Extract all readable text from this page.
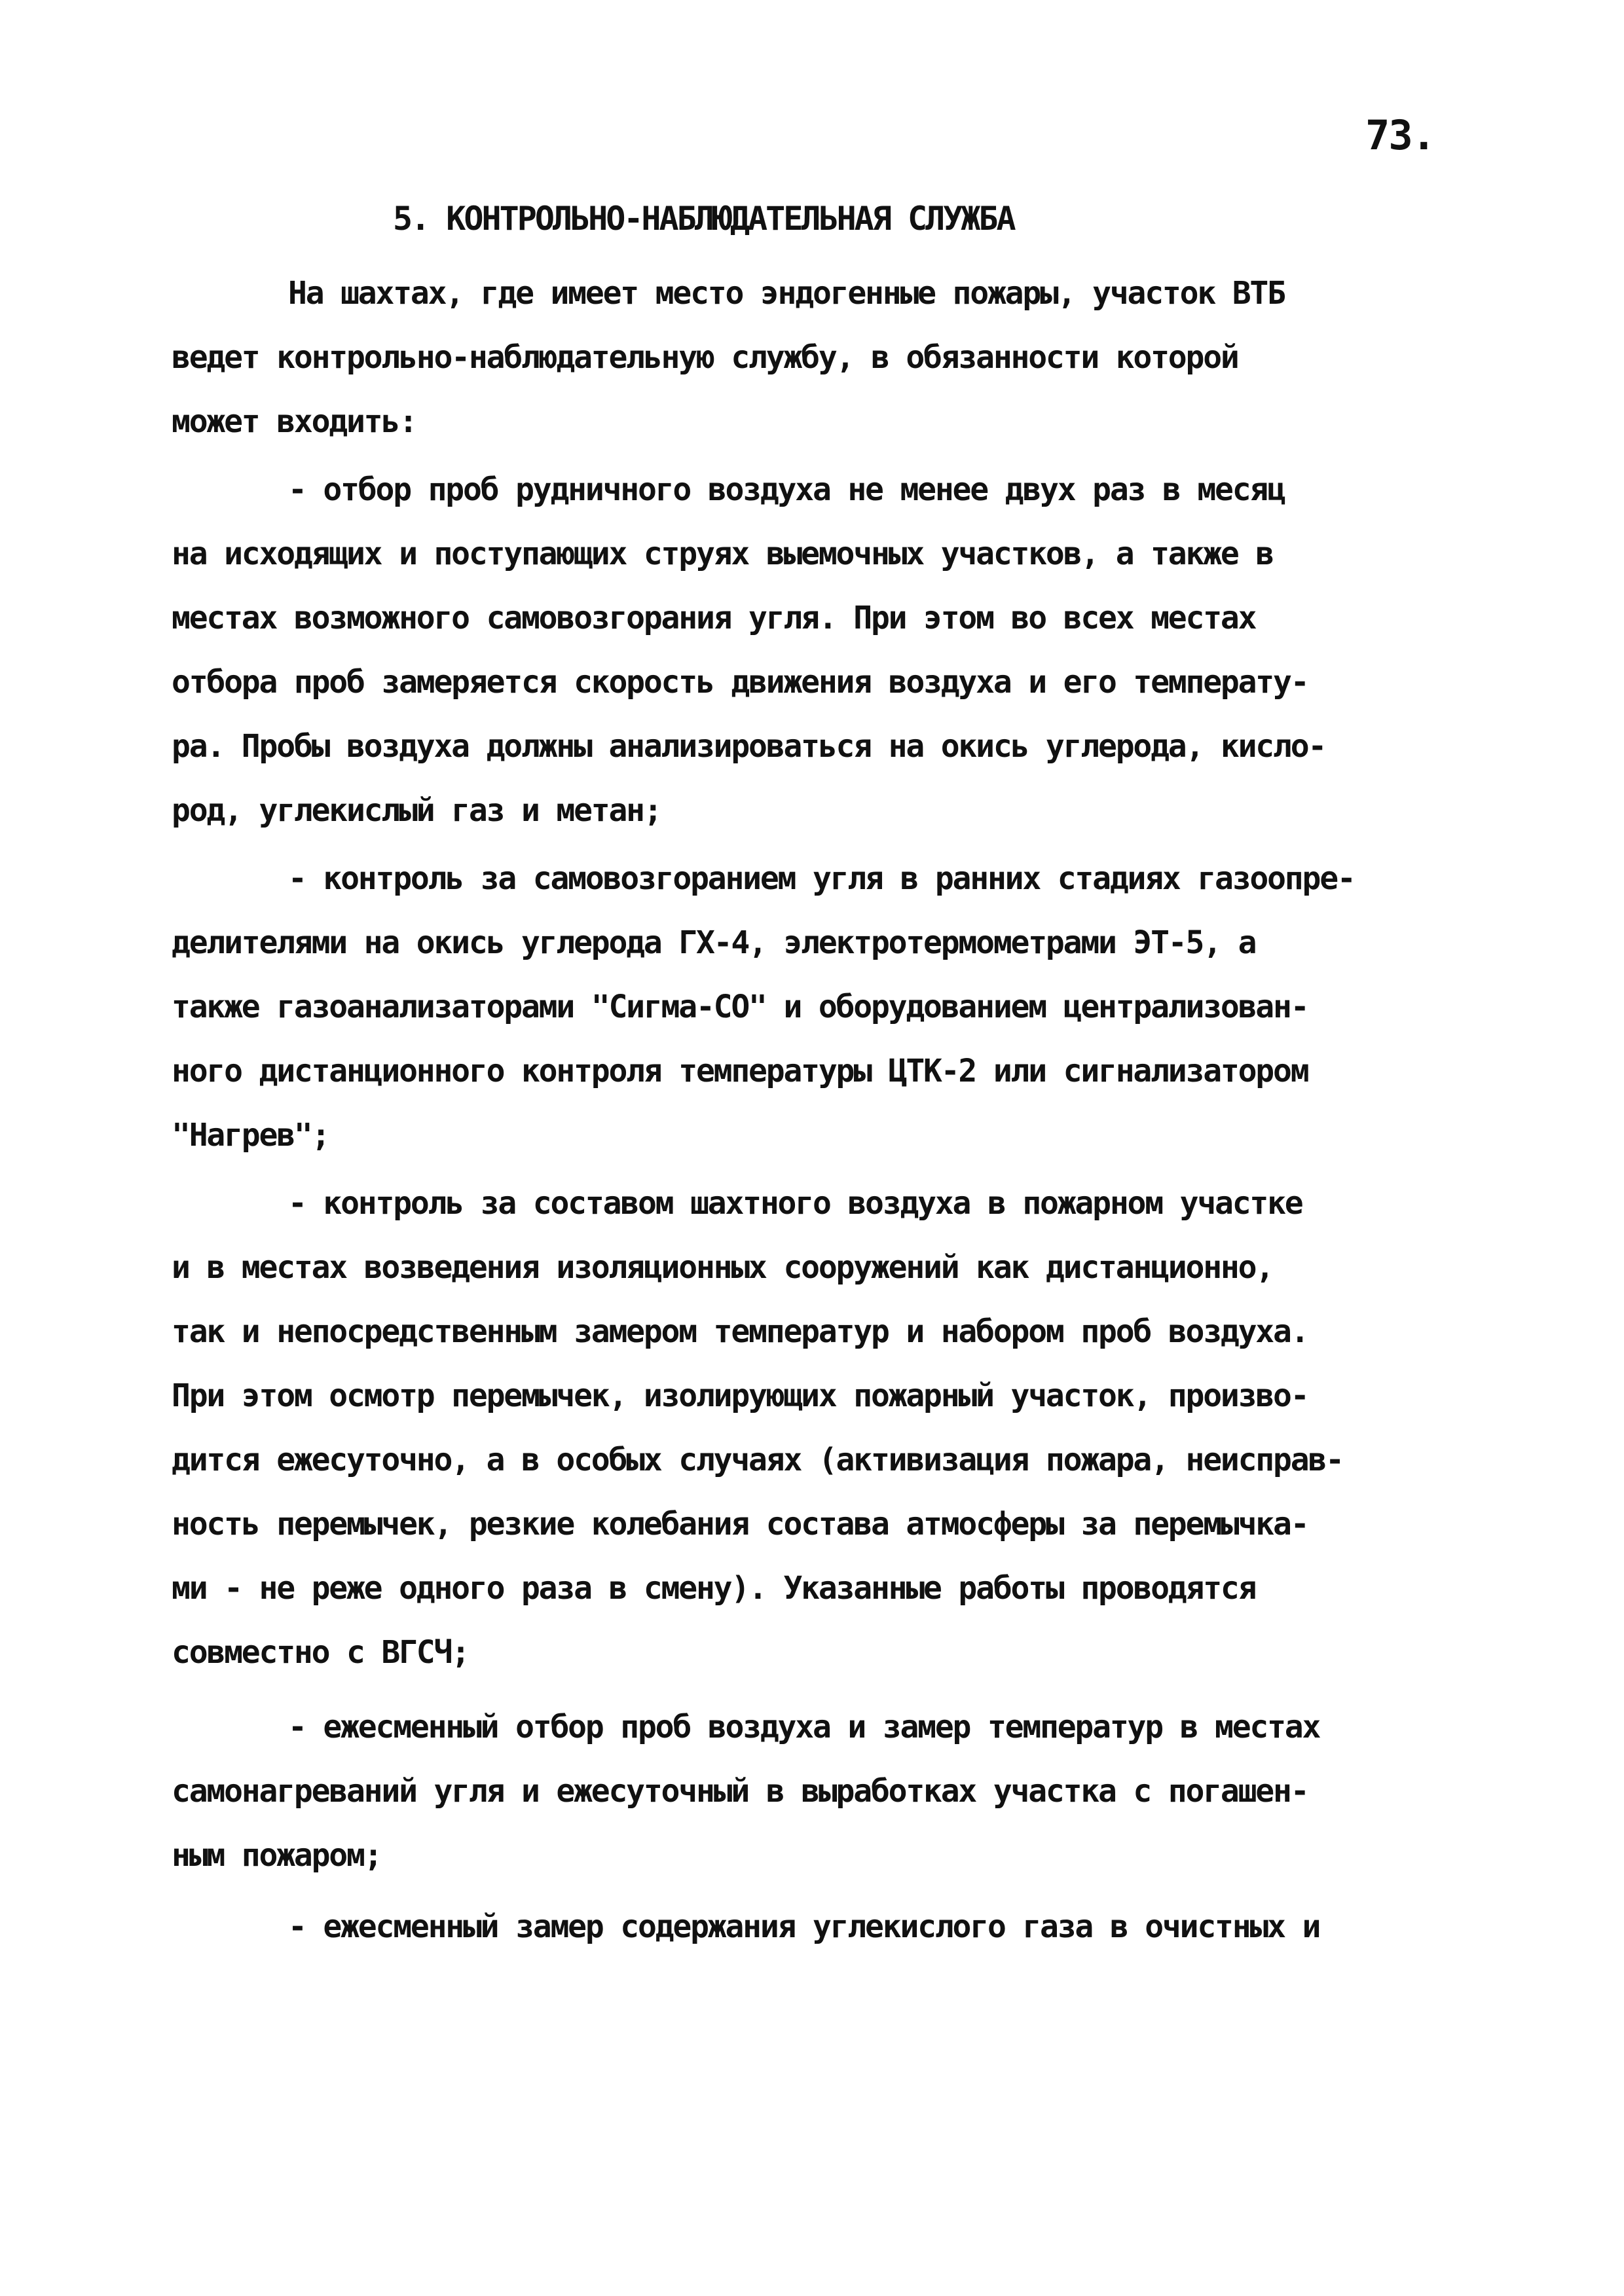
73.
5. КОНТРОЛЬНО-НАБЛЮДАТЕЛЬНАЯ СЛУЖБА
На шахтах, где имеет место эндогенные пожары, участок ВТБ
ведет контрольно-наблюдательную службу, в обязанности которой
может входить:
- отбор проб рудничного воздуха не менее двух раз в месяц
на исходящих и поступающих струях выемочных участков, а также в
местах возможного самовозгорания угля. При этом во всех местах
отбора проб замеряется скорость движения воздуха и его температу-
ра. Пробы воздуха должны анализироваться на окись углерода, кисло-
род, углекислый газ и метан;
- контроль за самовозгоранием угля в ранних стадиях газоопре-
делителями на окись углерода ГХ-4, электротермометрами ЭТ-5, а
также газоанализаторами "Сигма-СО" и оборудованием централизован-
ного дистанционного контроля температуры ЦТК-2 или сигнализатором
"Нагрев";
- контроль за составом шахтного воздуха в пожарном участке
и в местах возведения изоляционных сооружений как дистанционно,
так и непосредственным замером температур и набором проб воздуха.
При этом осмотр перемычек, изолирующих пожарный участок, произво-
дится ежесуточно, а в особых случаях (активизация пожара, неисправ-
ность перемычек, резкие колебания состава атмосферы за перемычка-
ми - не реже одного раза в смену). Указанные работы проводятся
совместно с ВГСЧ;
- ежесменный отбор проб воздуха и замер температур в местах
самонагреваний угля и ежесуточный в выработках участка с погашен-
ным пожаром;
- ежесменный замер содержания углекислого газа в очистных и
